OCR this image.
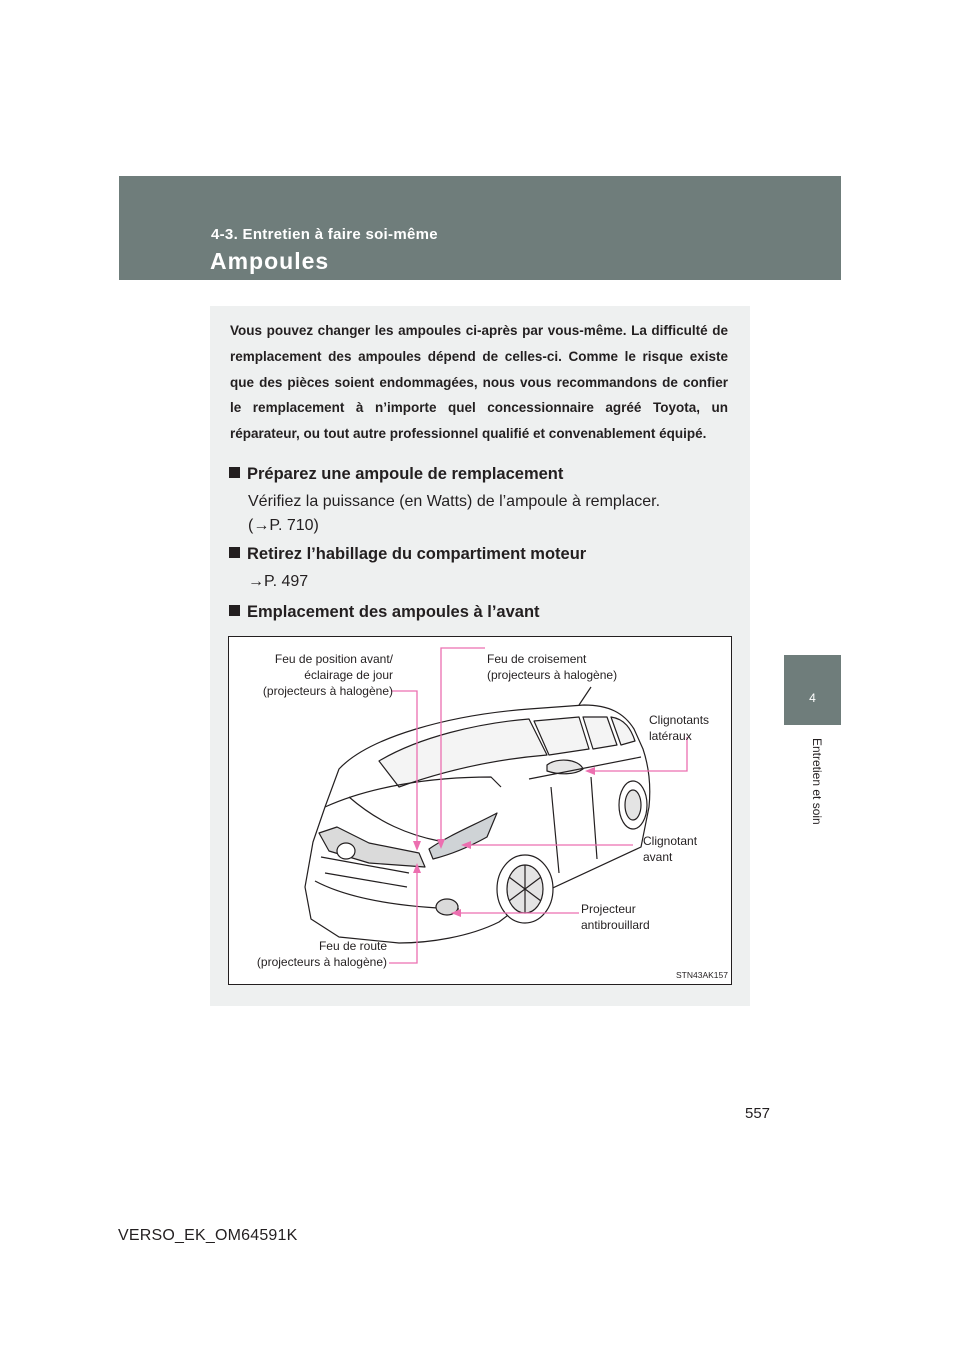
4-3. Entretien à faire soi-même
Ampoules
4
Entretien et soin
Vous pouvez changer les ampoules ci-après par vous-même. La difficulté de remplacement des ampoules dépend de celles-ci. Comme le risque existe que des pièces soient endommagées, nous vous recommandons de confier le remplacement à n’importe quel concessionnaire agréé Toyota, un réparateur, ou tout autre professionnel qualifié et convenablement équipé.
Préparez une ampoule de remplacement
Vérifiez la puissance (en Watts) de l’ampoule à remplacer.
(→P. 710)
Retirez l’habillage du compartiment moteur
→P. 497
Emplacement des ampoules à l’avant
Feu de position avant/
éclairage de jour
(projecteurs à halogène)
Feu de croisement
(projecteurs à halogène)
Clignotants
latéraux
Clignotant
avant
Projecteur
antibrouillard
Feu de route
(projecteurs à halogène)
STN43AK157
557
VERSO_EK_OM64591K
